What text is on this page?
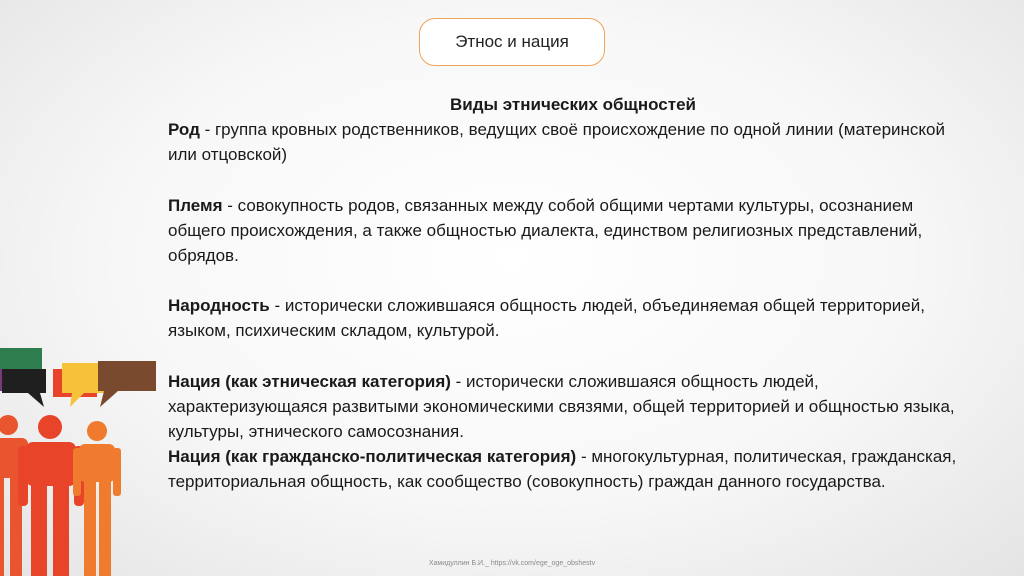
Этнос и нация
Виды этнических общностей

Род - группа кровных родственников, ведущих своё происхождение по одной линии (материнской или отцовской)

Племя - совокупность родов, связанных между собой общими чертами культуры, осознанием общего происхождения, а также общностью диалекта, единством религиозных представлений, обрядов.

Народность - исторически сложившаяся общность людей, объединяемая общей территорией, языком, психическим складом, культурой.

Нация (как этническая категория) - исторически сложившаяся общность людей, характеризующаяся развитыми экономическими связями, общей территорией и общностью языка, культуры, этнического самосознания.

Нация (как гражданско-политическая категория) - многокультурная, политическая, гражданская, территориальная общность, как сообщество (совокупность) граждан данного государства.

Хамидуллин Б.И._ https://vk.com/ege_oge_obshestv
